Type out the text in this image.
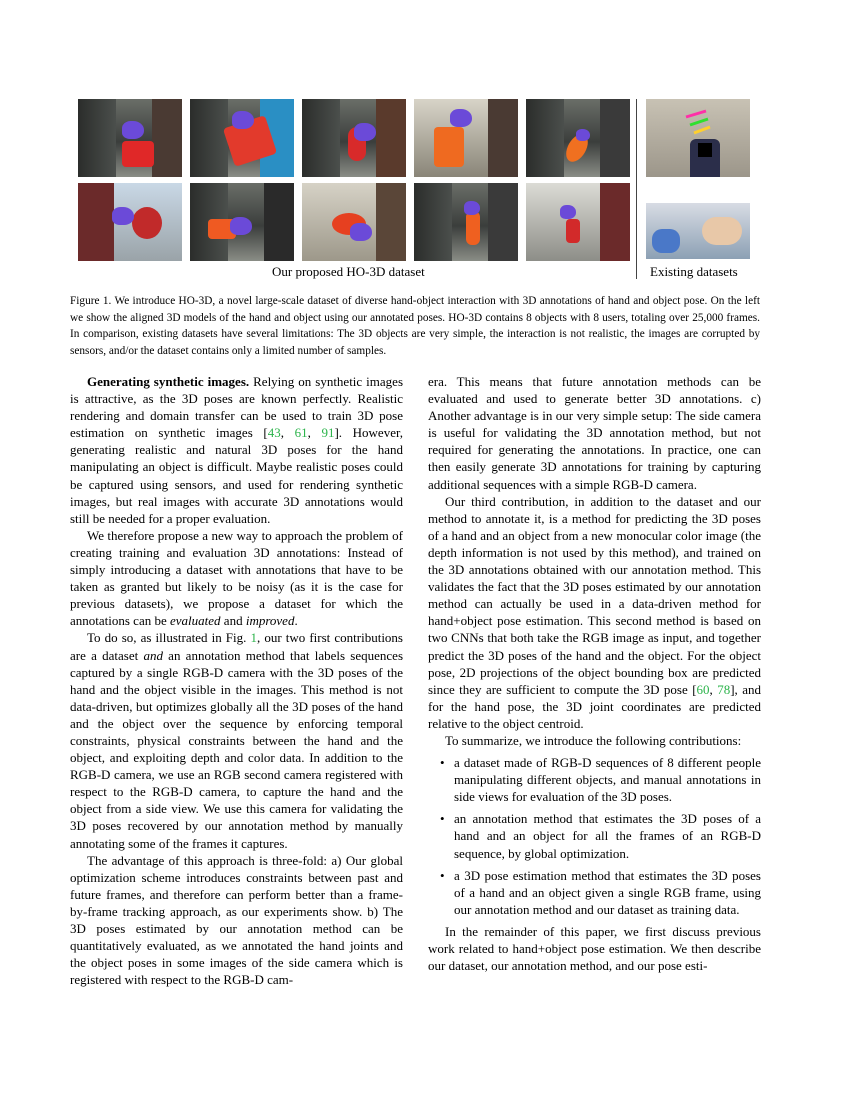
Our proposed HO-3D dataset	Existing datasets
Figure 1. We introduce HO-3D, a novel large-scale dataset of diverse hand-object interaction with 3D annotations of hand and object pose. On the left we show the aligned 3D models of the hand and object using our annotated poses. HO-3D contains 8 objects with 8 users, totaling over 25,000 frames. In comparison, existing datasets have several limitations: The 3D objects are very simple, the interaction is not realistic, the images are corrupted by sensors, and/or the dataset contains only a limited number of samples.

Generating synthetic images. Relying on synthetic images is attractive, as the 3D poses are known perfectly. Realistic rendering and domain transfer can be used to train 3D pose estimation on synthetic images [43, 61, 91]. However, generating realistic and natural 3D poses for the hand manipulating an object is difficult. Maybe realistic poses could be captured using sensors, and used for rendering synthetic images, but real images with accurate 3D annotations would still be needed for a proper evaluation.

We therefore propose a new way to approach the problem of creating training and evaluation 3D annotations: Instead of simply introducing a dataset with annotations that have to be taken as granted but likely to be noisy (as it is the case for previous datasets), we propose a dataset for which the annotations can be evaluated and improved.

To do so, as illustrated in Fig. 1, our two first contributions are a dataset and an annotation method that labels sequences captured by a single RGB-D camera with the 3D poses of the hand and the object visible in the images. This method is not data-driven, but optimizes globally all the 3D poses of the hand and the object over the sequence by enforcing temporal constraints, physical constraints between the hand and the object, and exploiting depth and color data. In addition to the RGB-D camera, we use an RGB second camera registered with respect to the RGB-D camera, to capture the hand and the object from a side view. We use this camera for validating the 3D poses recovered by our annotation method by manually annotating some of the frames it captures.

The advantage of this approach is three-fold: a) Our global optimization scheme introduces constraints between past and future frames, and therefore can perform better than a frame-by-frame tracking approach, as our experiments show. b) The 3D poses estimated by our annotation method can be quantitatively evaluated, as we annotated the hand joints and the object poses in some images of the side camera which is registered with respect to the RGB-D cam-

era. This means that future annotation methods can be evaluated and used to generate better 3D annotations. c) Another advantage is in our very simple setup: The side camera is useful for validating the 3D annotation method, but not required for generating the annotations. In practice, one can then easily generate 3D annotations for training by capturing additional sequences with a simple RGB-D camera.

Our third contribution, in addition to the dataset and our method to annotate it, is a method for predicting the 3D poses of a hand and an object from a new monocular color image (the depth information is not used by this method), and trained on the 3D annotations obtained with our annotation method. This validates the fact that the 3D poses estimated by our annotation method can actually be used in a data-driven method for hand+object pose estimation. This second method is based on two CNNs that both take the RGB image as input, and together predict the 3D poses of the hand and the object. For the object pose, 2D projections of the object bounding box are predicted since they are sufficient to compute the 3D pose [60, 78], and for the hand pose, the 3D joint coordinates are predicted relative to the object centroid.

To summarize, we introduce the following contributions:

• a dataset made of RGB-D sequences of 8 different people manipulating different objects, and manual annotations in side views for evaluation of the 3D poses.
• an annotation method that estimates the 3D poses of a hand and an object for all the frames of an RGB-D sequence, by global optimization.
• a 3D pose estimation method that estimates the 3D poses of a hand and an object given a single RGB frame, using our annotation method and our dataset as training data.

In the remainder of this paper, we first discuss previous work related to hand+object pose estimation. We then describe our dataset, our annotation method, and our pose esti-
